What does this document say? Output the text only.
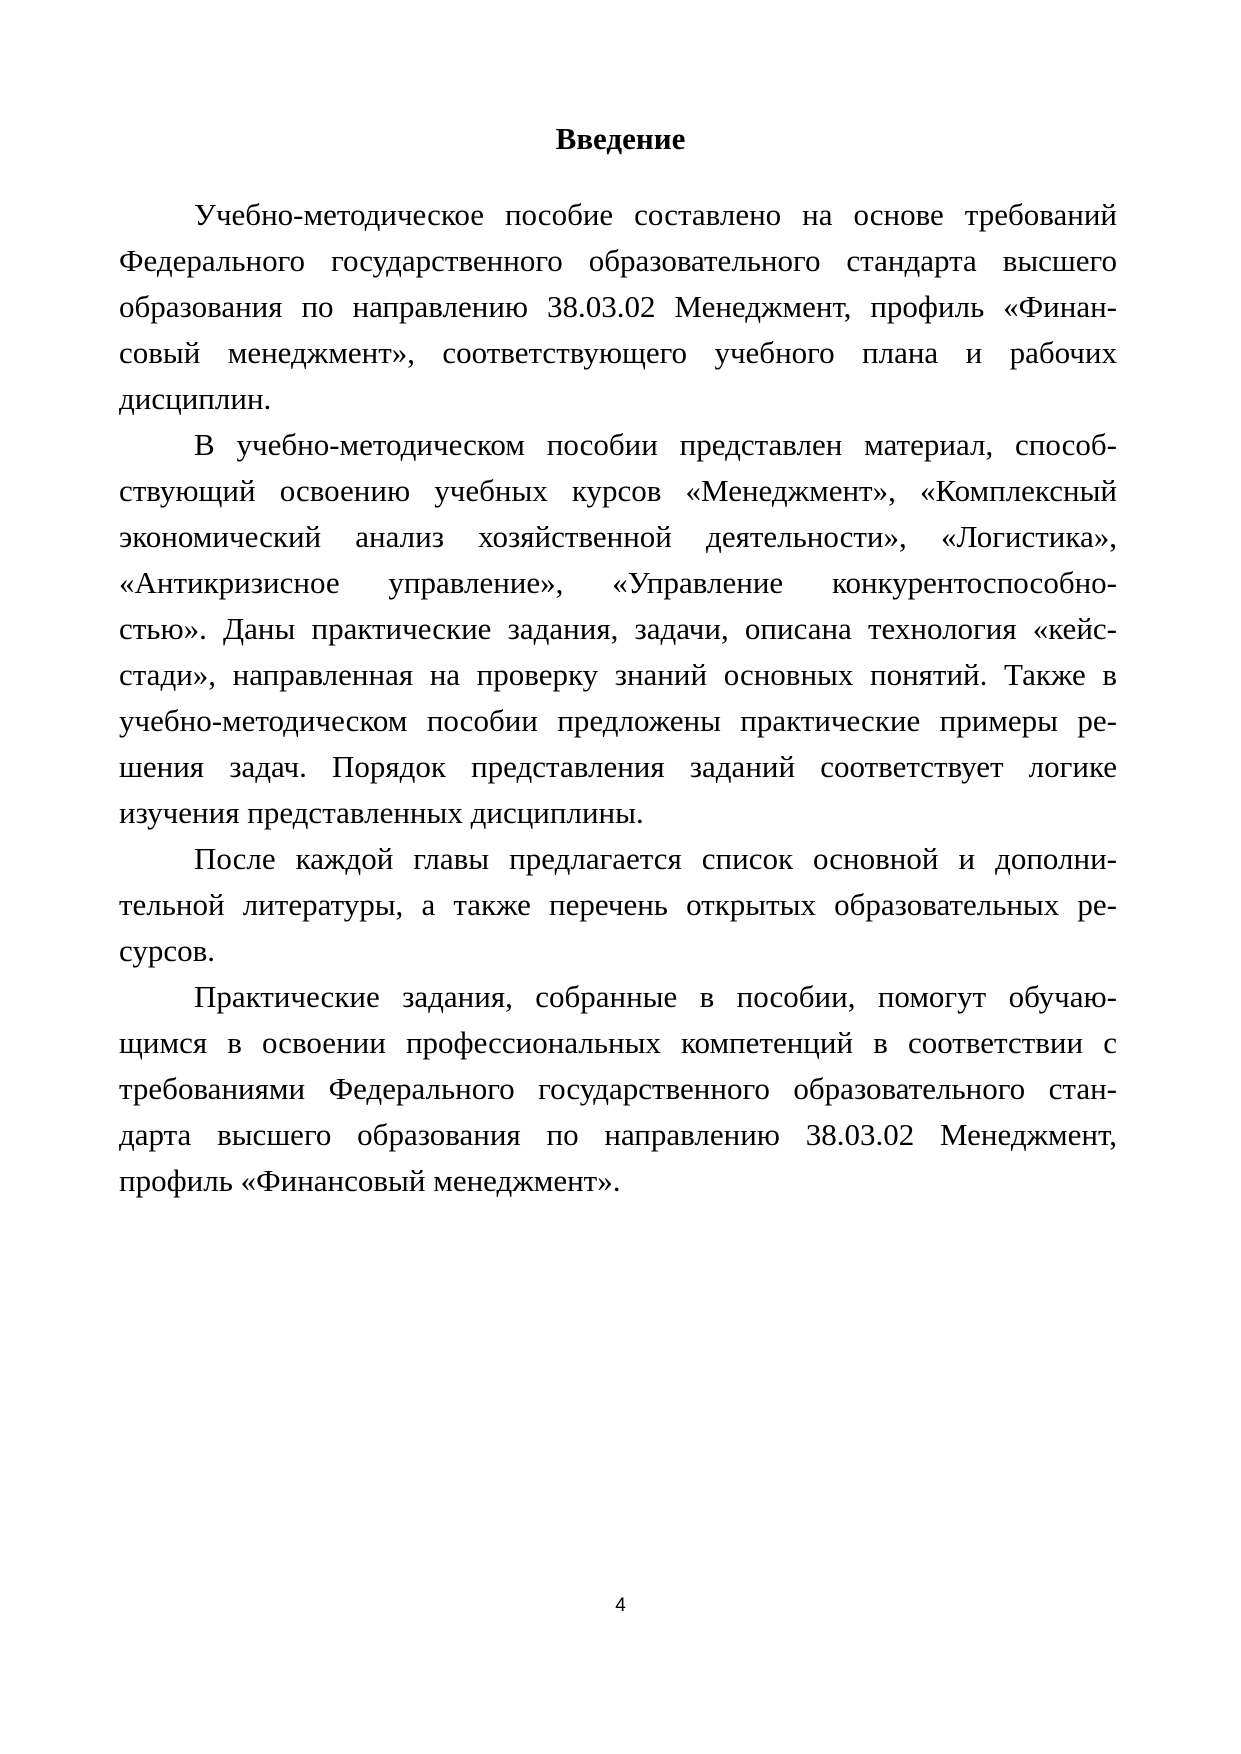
Введение
Учебно-методическое пособие составлено на основе требований
Федерального государственного образовательного стандарта высшего
образования по направлению 38.03.02 Менеджмент, профиль «Финан-
совый менеджмент», соответствующего учебного плана и рабочих
дисциплин.
В учебно-методическом пособии представлен материал, способ-
ствующий освоению учебных курсов «Менеджмент», «Комплексный
экономический анализ хозяйственной деятельности», «Логистика»,
«Антикризисное управление», «Управление конкурентоспособно-
стью». Даны практические задания, задачи, описана технология «кейс-
стади», направленная на проверку знаний основных понятий. Также в
учебно-методическом пособии предложены практические примеры ре-
шения задач. Порядок представления заданий соответствует логике
изучения представленных дисциплины.
После каждой главы предлагается список основной и дополни-
тельной литературы, а также перечень открытых образовательных ре-
сурсов.
Практические задания, собранные в пособии, помогут обучаю-
щимся в освоении профессиональных компетенций в соответствии с
требованиями Федерального государственного образовательного стан-
дарта высшего образования по направлению 38.03.02 Менеджмент,
профиль «Финансовый менеджмент».
4
